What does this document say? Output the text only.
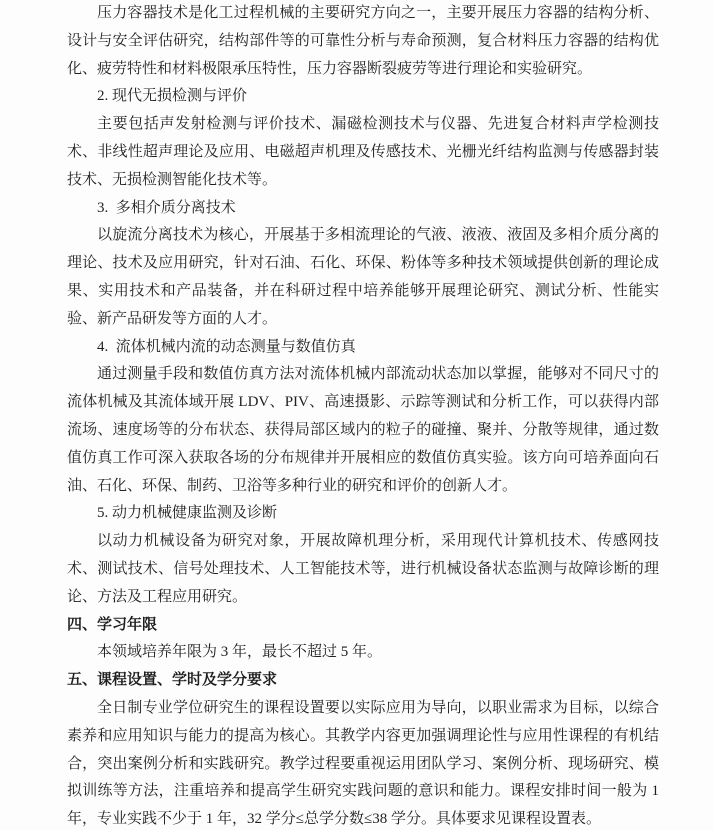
压力容器技术是化工过程机械的主要研究方向之一，主要开展压力容器的结构分析、设计与安全评估研究，结构部件等的可靠性分析与寿命预测，复合材料压力容器的结构优化、疲劳特性和材料极限承压特性，压力容器断裂疲劳等进行理论和实验研究。

2. 现代无损检测与评价

主要包括声发射检测与评价技术、漏磁检测技术与仪器、先进复合材料声学检测技术、非线性超声理论及应用、电磁超声机理及传感技术、光栅光纤结构监测与传感器封装技术、无损检测智能化技术等。

3.  多相介质分离技术

以旋流分离技术为核心，开展基于多相流理论的气液、液液、液固及多相介质分离的理论、技术及应用研究，针对石油、石化、环保、粉体等多种技术领域提供创新的理论成果、实用技术和产品装备，并在科研过程中培养能够开展理论研究、测试分析、性能实验、新产品研发等方面的人才。

4.  流体机械内流的动态测量与数值仿真

通过测量手段和数值仿真方法对流体机械内部流动状态加以掌握，能够对不同尺寸的流体机械及其流体域开展 LDV、PIV、高速摄影、示踪等测试和分析工作，可以获得内部流场、速度场等的分布状态、获得局部区域内的粒子的碰撞、聚并、分散等规律，通过数值仿真工作可深入获取各场的分布规律并开展相应的数值仿真实验。该方向可培养面向石油、石化、环保、制药、卫浴等多种行业的研究和评价的创新人才。

5. 动力机械健康监测及诊断

以动力机械设备为研究对象，开展故障机理分析，采用现代计算机技术、传感网技术、测试技术、信号处理技术、人工智能技术等，进行机械设备状态监测与故障诊断的理论、方法及工程应用研究。

四、学习年限

本领域培养年限为 3 年，最长不超过 5 年。

五、课程设置、学时及学分要求

全日制专业学位研究生的课程设置要以实际应用为导向，以职业需求为目标，以综合素养和应用知识与能力的提高为核心。其教学内容更加强调理论性与应用性课程的有机结合，突出案例分析和实践研究。教学过程要重视运用团队学习、案例分析、现场研究、模拟训练等方法，注重培养和提高学生研究实践问题的意识和能力。课程安排时间一般为 1 年，专业实践不少于 1 年，32 学分≤总学分数≤38 学分。具体要求见课程设置表。
